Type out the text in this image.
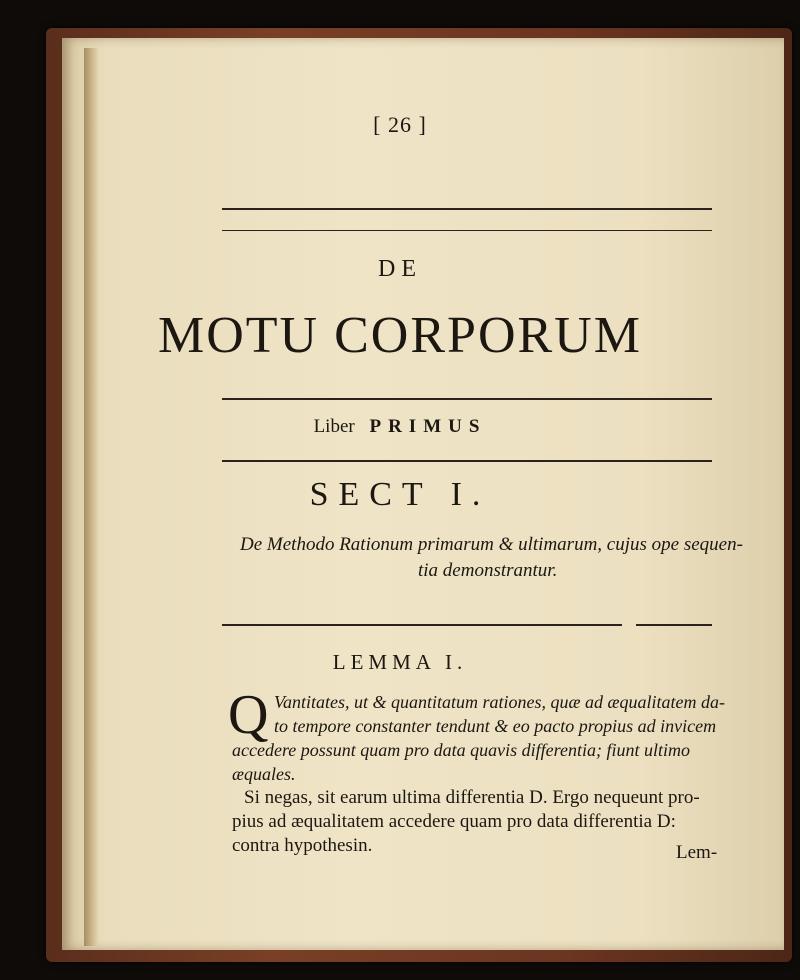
[ 26 ]
DE
MOTU CORPORUM
Liber PRIMUS
SECT I.
De Methodo Rationum primarum & ultimarum, cujus ope sequen-
tia demonstrantur.
LEMMA I.
Q Vantitates, ut & quantitatum rationes, quæ ad æqualitatem da-
to tempore constanter tendunt & eo pacto propius ad invicem
accedere possunt quam pro data quavis differentia; fiunt ultimo
æquales.
Si negas, sit earum ultima differentia D. Ergo nequeunt pro-
pius ad æqualitatem accedere quam pro data differentia D:
contra hypothesin.	Lem-
